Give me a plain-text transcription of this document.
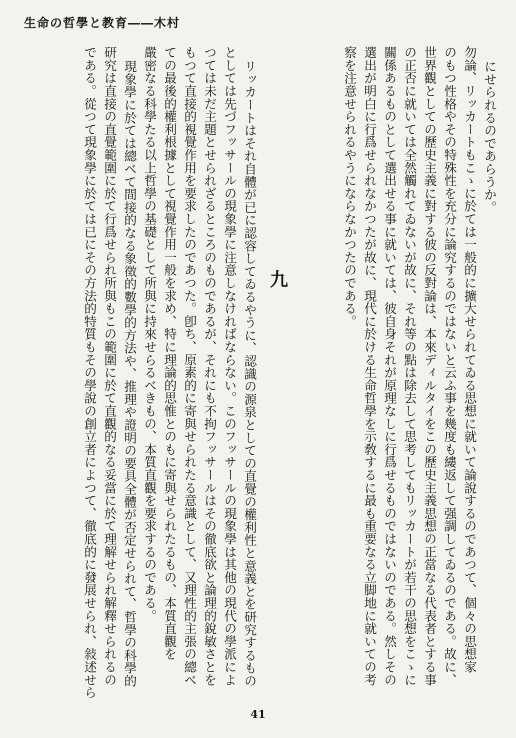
生命の哲學と教育――木村
にせられるのであらうか。
勿論、リッカートもこゝに於ては一般的に擴大せられてゐる思想に就いて論說するのであつて、個々の思想家
のもつ性格やその特殊性を充分に論究するのではないと云ふ事を幾度も縷返して强調してゐるのである。故に、
世界觀としての歷史主義に對する彼の反對論は、本來ディルタイをこの歷史主義思想の正當なる代表者とする事
の正否に就いては全然觸れてゐないが故に、それ等の點は除去して思考してもリッカートが若干の思想をこゝに
關係あるものとして選出せる事に就いては、彼自身それが原理なしに行爲せるものではないのである。然しその
選出が明白に行爲せられなかつたが故に、現代に於ける生命哲學を示敎するに最も重要なる立脚地に就いての考
察を注意せられるやうにならなかつたのである。
九
リッカートはそれ自體が已に認容してゐるやうに、認識の源泉としての直覺の權利性と意義とを研究するもの
としては先づフッサールの現象學に注意しなければならない。このフッサールの現象學は其他の現代の學派によ
つては未だ主題とせられざるところのものであるが、それにも不拘フッサールはその徹底欲と論理的銳敏さとを
もつて直接的視覺作用を要求したのであつた。卽ち、原素的に寄與せられたる意識として、又理性的主張の總べ
ての最後的權利根據として視覺作用一般を求め、特に理論的思惟とのもに寄與せられたるもの、本質直觀を
嚴密なる科學たる以上哲學の基礎として所與に持來せらるべきもの、本質直觀を要求するのである。
現象學に於ては總べて間接的なる象徵的數學的方法や、推理や證明の要具全體が否定せられて、哲學の科學的
研究は直接の直覺範圍に於て行爲せられ所與もこの範圍に於て直觀的なる妥當に於て理解せられ解釋せられるの
である。從つて現象學に於ては已にその方法的特質もその學說の創立者によつて、徹底的に發展せられ、敍述せら
41
